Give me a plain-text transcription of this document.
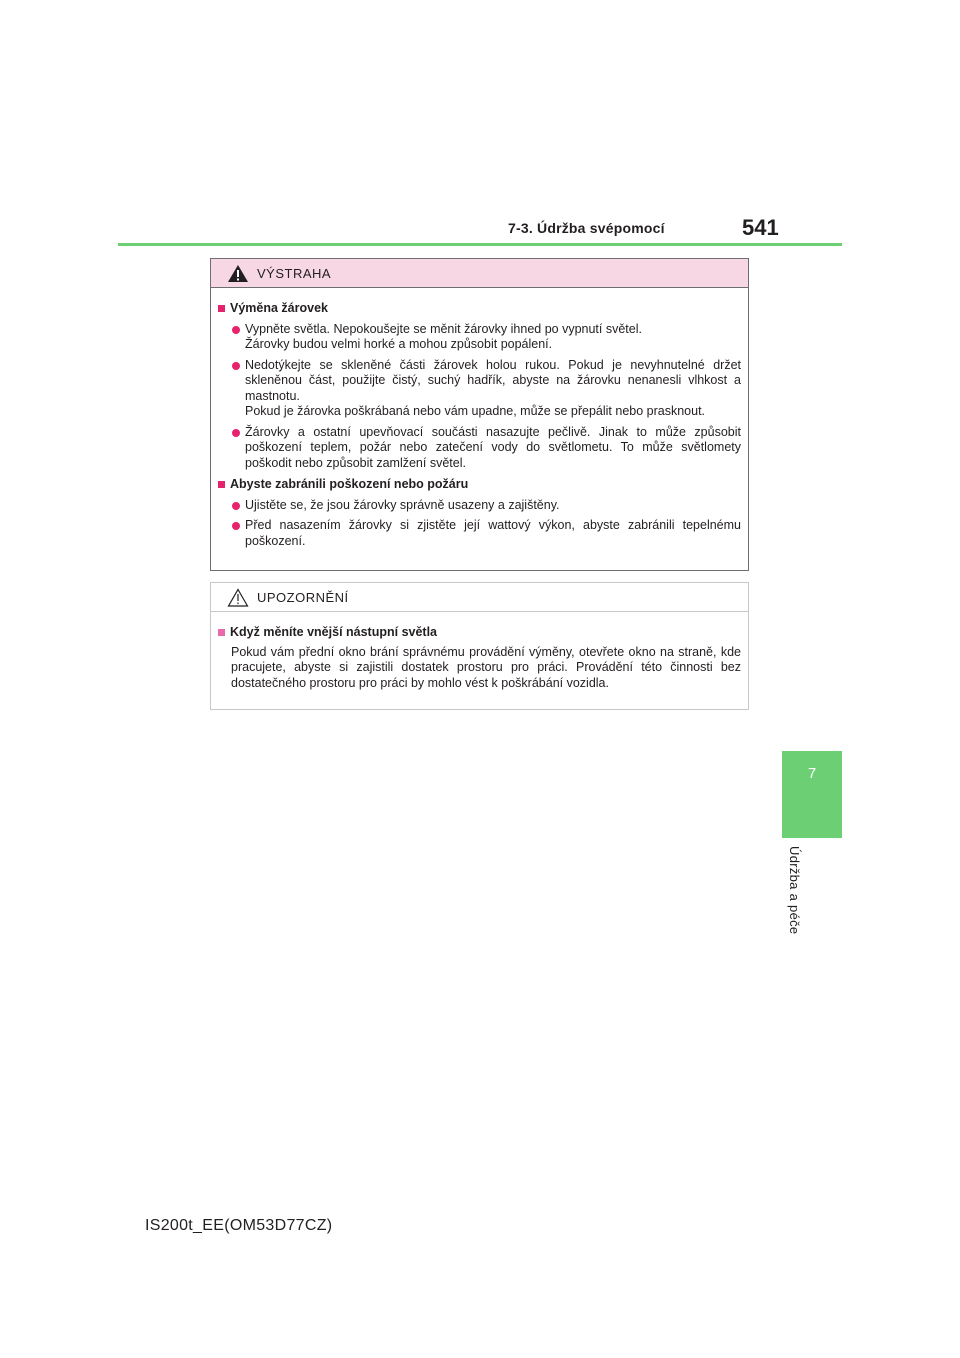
7-3. Údržba svépomocí	541
7
Údržba a péče
VÝSTRAHA
Výměna žárovek
Vypněte světla. Nepokoušejte se měnit žárovky ihned po vypnutí světel.
Žárovky budou velmi horké a mohou způsobit popálení.
Nedotýkejte se skleněné části žárovek holou rukou. Pokud je nevyhnutelné držet skleněnou část, použijte čistý, suchý hadřík, abyste na žárovku nenanesli vlhkost a mastnotu.
Pokud je žárovka poškrábaná nebo vám upadne, může se přepálit nebo prasknout.
Žárovky a ostatní upevňovací součásti nasazujte pečlivě. Jinak to může způsobit poškození teplem, požár nebo zatečení vody do světlometu. To může světlomety poškodit nebo způsobit zamlžení světel.
Abyste zabránili poškození nebo požáru
Ujistěte se, že jsou žárovky správně usazeny a zajištěny.
Před nasazením žárovky si zjistěte její wattový výkon, abyste zabránili tepelnému poškození.
UPOZORNĚNÍ
Když měníte vnější nástupní světla
Pokud vám přední okno brání správnému provádění výměny, otevřete okno na straně, kde pracujete, abyste si zajistili dostatek prostoru pro práci. Provádění této činnosti bez dostatečného prostoru pro práci by mohlo vést k poškrábání vozidla.
IS200t_EE(OM53D77CZ)
